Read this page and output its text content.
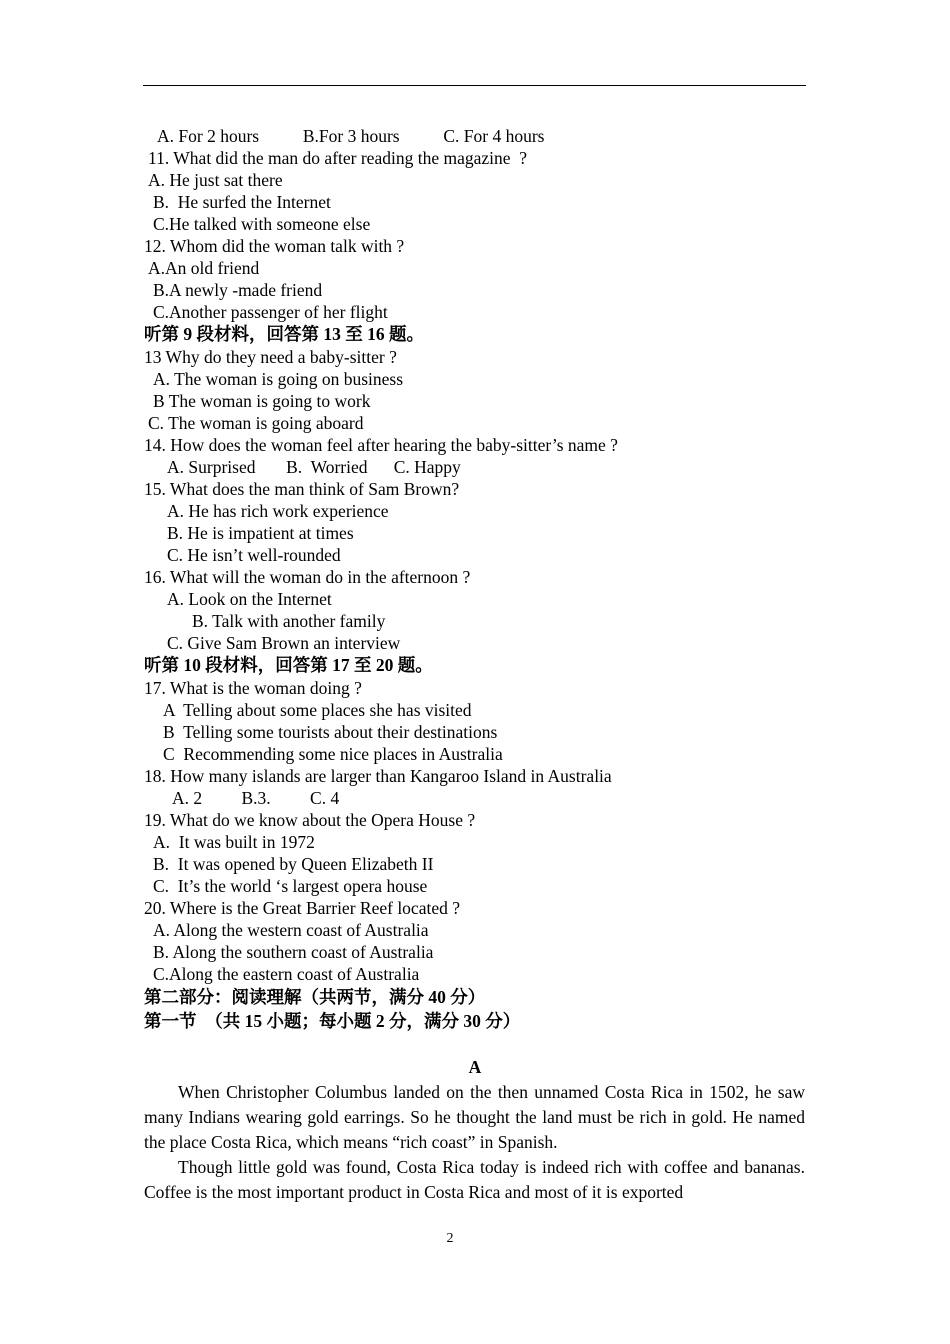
A. For 2 hours          B.For 3 hours          C. For 4 hours
11. What did the man do after reading the magazine  ?
A. He just sat there
B.  He surfed the Internet
C.He talked with someone else
12. Whom did the woman talk with ?
A.An old friend
B.A newly -made friend
C.Another passenger of her flight
听第 9 段材料，回答第 13 至 16 题。
13 Why do they need a baby-sitter ?
A. The woman is going on business
B The woman is going to work
C. The woman is going aboard
14. How does the woman feel after hearing the baby-sitter’s name ?
A. Surprised       B.  Worried      C. Happy
15. What does the man think of Sam Brown?
A. He has rich work experience
B. He is impatient at times
C. He isn’t well-rounded
16. What will the woman do in the afternoon ?
A. Look on the Internet
B. Talk with another family
C. Give Sam Brown an interview
听第 10 段材料，回答第 17 至 20 题。
17. What is the woman doing ?
A  Telling about some places she has visited
B  Telling some tourists about their destinations
C  Recommending some nice places in Australia
18. How many islands are larger than Kangaroo Island in Australia
A. 2         B.3.         C. 4
19. What do we know about the Opera House ?
A.  It was built in 1972
B.  It was opened by Queen Elizabeth II
C.  It’s the world ‘s largest opera house
20. Where is the Great Barrier Reef located ?
A. Along the western coast of Australia
B. Along the southern coast of Australia
C.Along the eastern coast of Australia
第二部分：阅读理解（共两节，满分 40 分）
第一节  （共 15 小题；每小题 2 分，满分 30 分）
A
When Christopher Columbus landed on the then unnamed Costa Rica in 1502, he saw many Indians wearing gold earrings. So he thought the land must be rich in gold. He named the place Costa Rica, which means “rich coast” in Spanish.
Though little gold was found, Costa Rica today is indeed rich with coffee and bananas. Coffee is the most important product in Costa Rica and most of it is exported
2
